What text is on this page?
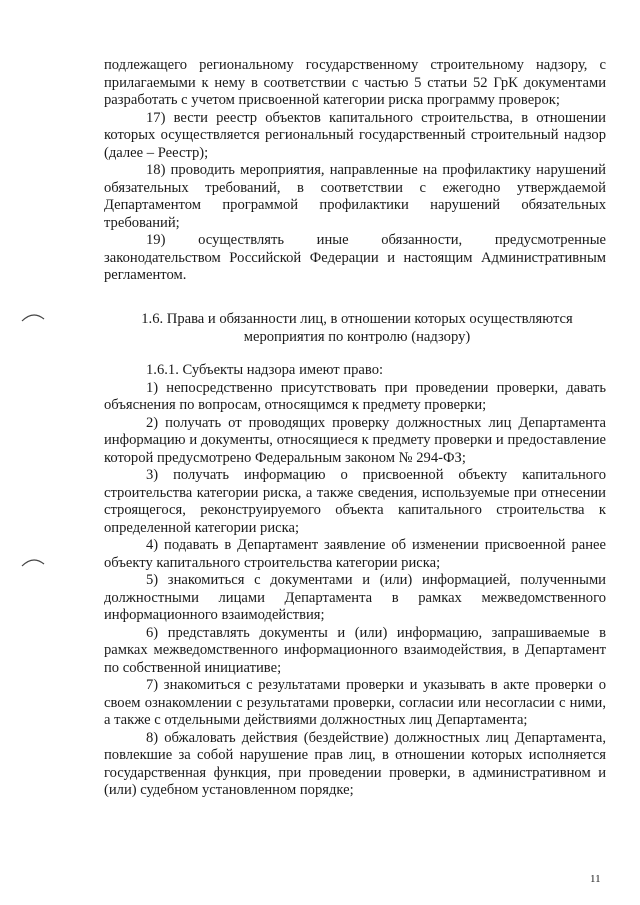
подлежащего региональному государственному строительному надзору, с прилагаемыми к нему в соответствии с частью 5 статьи 52 ГрК документами разработать с учетом присвоенной категории риска программу проверок;

17) вести реестр объектов капитального строительства, в отношении которых осуществляется региональный государственный строительный надзор (далее – Реестр);

18) проводить мероприятия, направленные на профилактику нарушений обязательных требований, в соответствии с ежегодно утверждаемой Департаментом программой профилактики нарушений обязательных требований;

19) осуществлять иные обязанности, предусмотренные законодательством Российской Федерации и настоящим Административным регламентом.

1.6. Права и обязанности лиц, в отношении которых осуществляются

мероприятия по контролю (надзору)

1.6.1. Субъекты надзора имеют право:

1) непосредственно присутствовать при проведении проверки, давать объяснения по вопросам, относящимся к предмету проверки;

2) получать от проводящих проверку должностных лиц Департамента информацию и документы, относящиеся к предмету проверки и предоставление которой предусмотрено Федеральным законом № 294-ФЗ;

3) получать информацию о присвоенной объекту капитального строительства категории риска, а также сведения, используемые при отнесении строящегося, реконструируемого объекта капитального строительства к определенной категории риска;

4) подавать в Департамент заявление об изменении присвоенной ранее объекту капитального строительства категории риска;

5) знакомиться с документами и (или) информацией, полученными должностными лицами Департамента в рамках межведомственного информационного взаимодействия;

6) представлять документы и (или) информацию, запрашиваемые в рамках межведомственного информационного взаимодействия, в Департамент по собственной инициативе;

7) знакомиться с результатами проверки и указывать в акте проверки о своем ознакомлении с результатами проверки, согласии или несогласии с ними, а также с отдельными действиями должностных лиц Департамента;

8) обжаловать действия (бездействие) должностных лиц Департамента, повлекшие за собой нарушение прав лиц, в отношении которых исполняется государственная функция, при проведении проверки, в административном и (или) судебном установленном порядке;

11
